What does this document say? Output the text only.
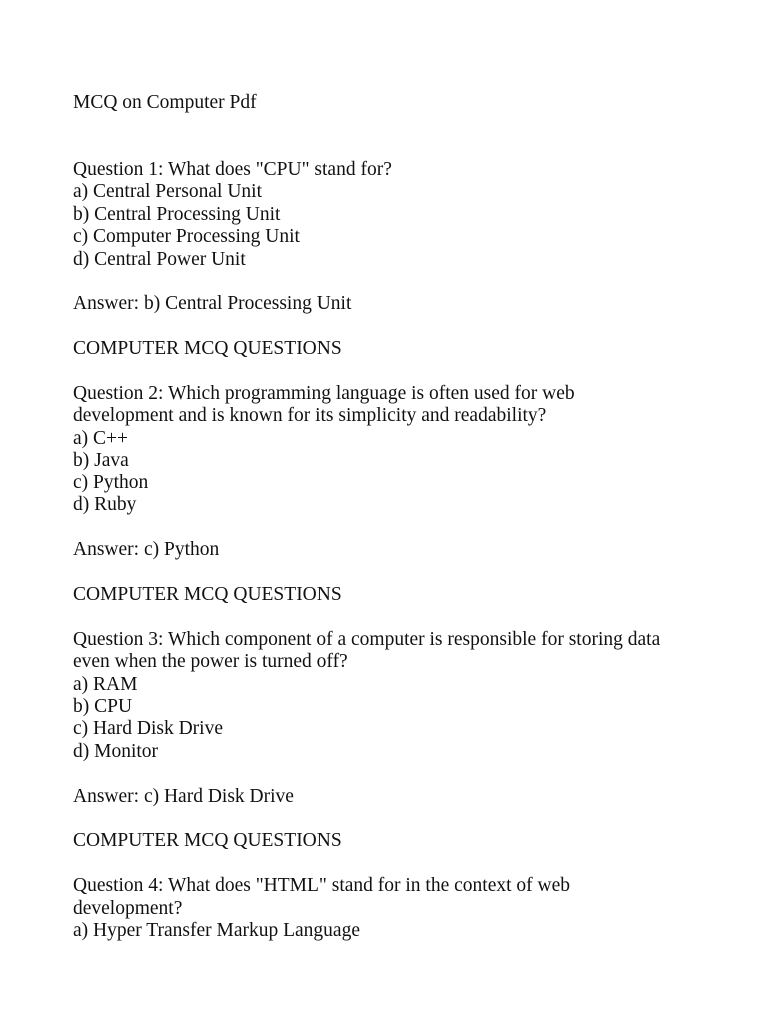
MCQ on Computer Pdf
Question 1: What does "CPU" stand for?
a) Central Personal Unit
b) Central Processing Unit
c) Computer Processing Unit
d) Central Power Unit
Answer: b) Central Processing Unit
COMPUTER MCQ QUESTIONS
Question 2: Which programming language is often used for web
development and is known for its simplicity and readability?
a) C++
b) Java
c) Python
d) Ruby
Answer: c) Python
COMPUTER MCQ QUESTIONS
Question 3: Which component of a computer is responsible for storing data
even when the power is turned off?
a) RAM
b) CPU
c) Hard Disk Drive
d) Monitor
Answer: c) Hard Disk Drive
COMPUTER MCQ QUESTIONS
Question 4: What does "HTML" stand for in the context of web
development?
a) Hyper Transfer Markup Language
